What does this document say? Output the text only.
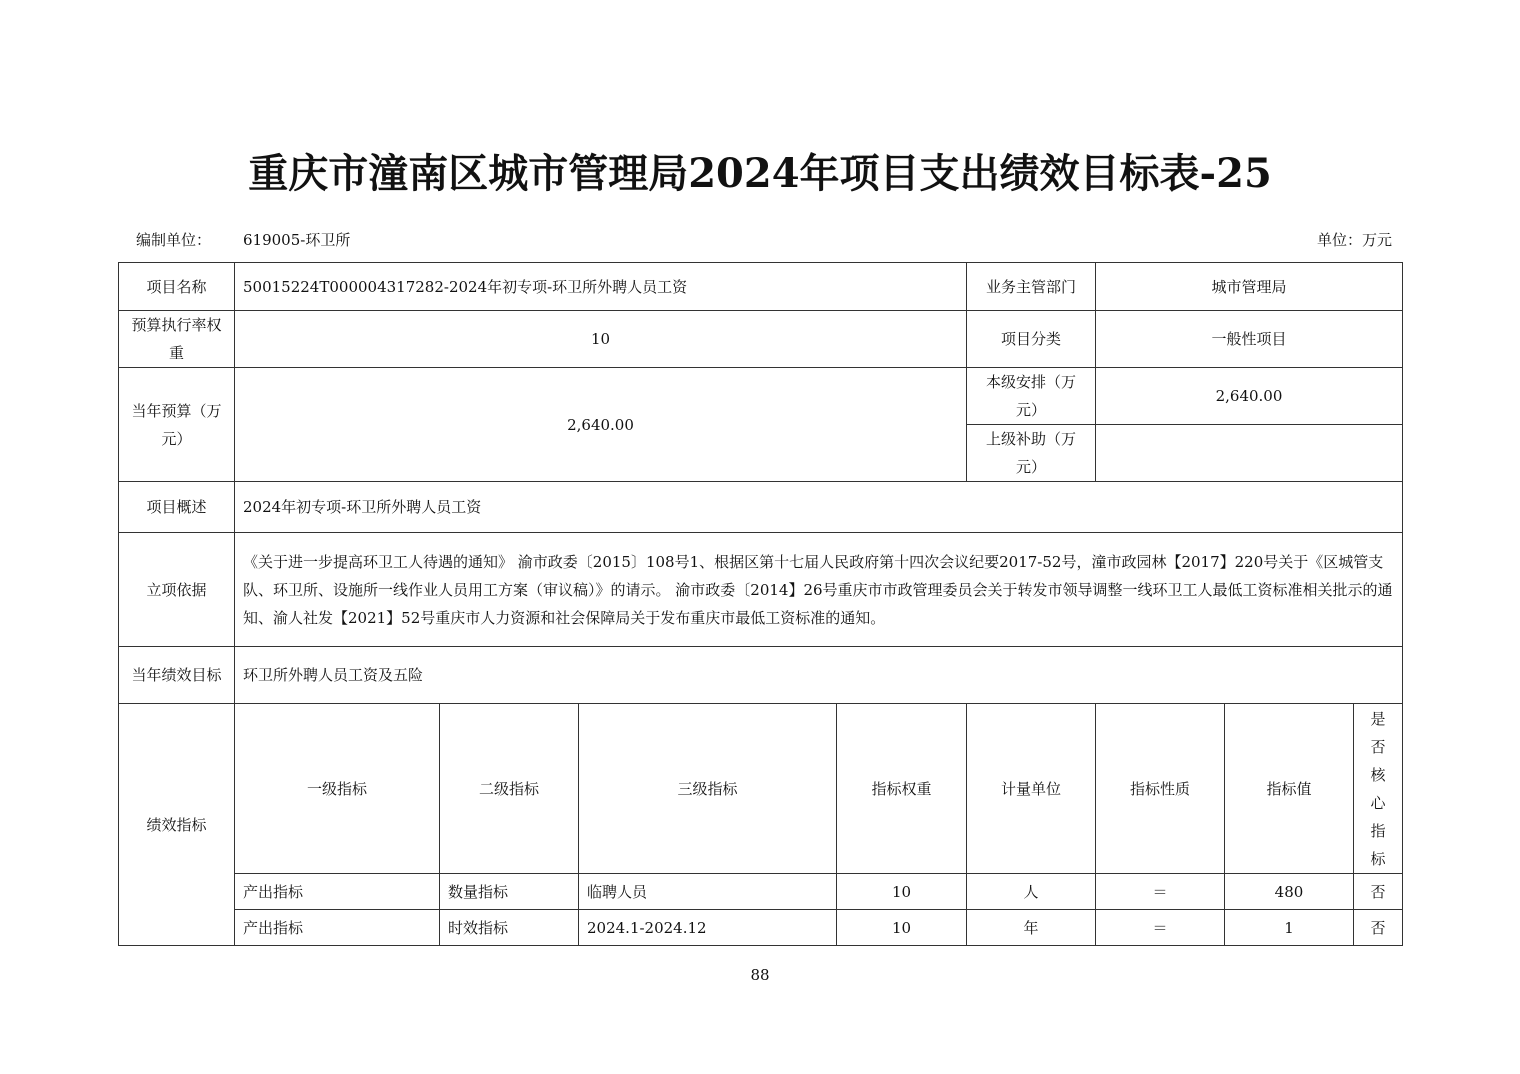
重庆市潼南区城市管理局2024年项目支出绩效目标表-25
编制单位： 619005-环卫所	单位：万元
项目名称	50015224T000004317282-2024年初专项-环卫所外聘人员工资				业务主管部门	城市管理局		
预算执行率权重	10				项目分类	一般性项目		
当年预算（万元）	2,640.00				本级安排（万元）	2,640.00		
					上级补助（万元）			
项目概述	2024年初专项-环卫所外聘人员工资							
立项依据	《关于进一步提高环卫工人待遇的通知》 渝市政委〔2015〕108号1、根据区第十七届人民政府第十四次会议纪要2017-52号，潼市政园林【2017】220号关于《区城管支队、环卫所、设施所一线作业人员用工方案（审议稿）》的请示。 渝市政委〔2014】26号重庆市市政管理委员会关于转发市领导调整一线环卫工人最低工资标准相关批示的通知、渝人社发【2021】52号重庆市人力资源和社会保障局关于发布重庆市最低工资标准的通知。							
当年绩效目标	环卫所外聘人员工资及五险							
绩效指标	一级指标	二级指标	三级指标	指标权重	计量单位	指标性质	指标值	是否核心指标

	产出指标	数量指标	临聘人员	10	人	＝	480	否
	产出指标	时效指标	2024.1-2024.12	10	年	＝	1	否
88
